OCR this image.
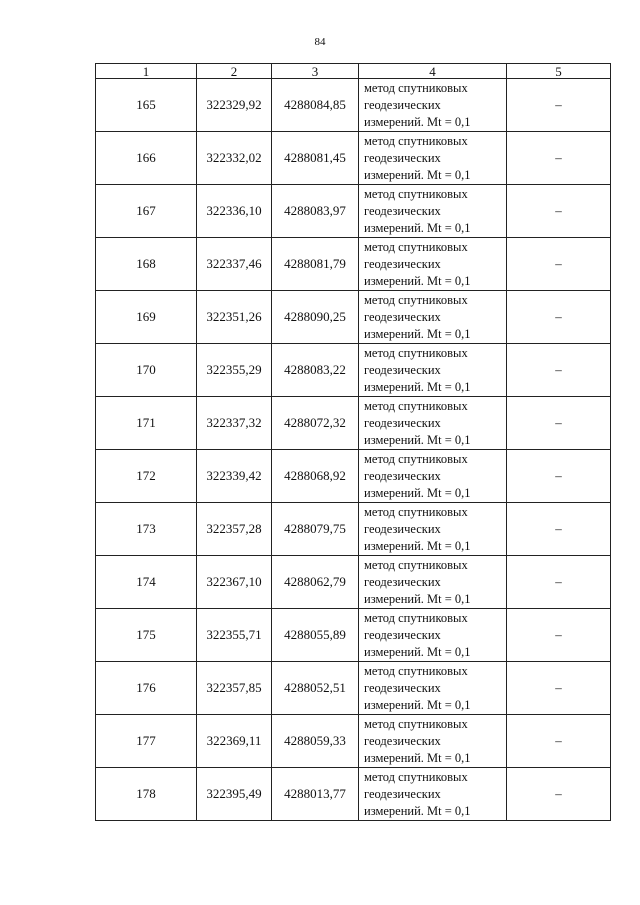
84
1	2	3	4	5
165	322329,92	4288084,85	метод спутниковых
геодезических
измерений. Mt = 0,1	–
166	322332,02	4288081,45	метод спутниковых
геодезических
измерений. Mt = 0,1	–
167	322336,10	4288083,97	метод спутниковых
геодезических
измерений. Mt = 0,1	–
168	322337,46	4288081,79	метод спутниковых
геодезических
измерений. Mt = 0,1	–
169	322351,26	4288090,25	метод спутниковых
геодезических
измерений. Mt = 0,1	–
170	322355,29	4288083,22	метод спутниковых
геодезических
измерений. Mt = 0,1	–
171	322337,32	4288072,32	метод спутниковых
геодезических
измерений. Mt = 0,1	–
172	322339,42	4288068,92	метод спутниковых
геодезических
измерений. Mt = 0,1	–
173	322357,28	4288079,75	метод спутниковых
геодезических
измерений. Mt = 0,1	–
174	322367,10	4288062,79	метод спутниковых
геодезических
измерений. Mt = 0,1	–
175	322355,71	4288055,89	метод спутниковых
геодезических
измерений. Mt = 0,1	–
176	322357,85	4288052,51	метод спутниковых
геодезических
измерений. Mt = 0,1	–
177	322369,11	4288059,33	метод спутниковых
геодезических
измерений. Mt = 0,1	–
178	322395,49	4288013,77	метод спутниковых
геодезических
измерений. Mt = 0,1	–
